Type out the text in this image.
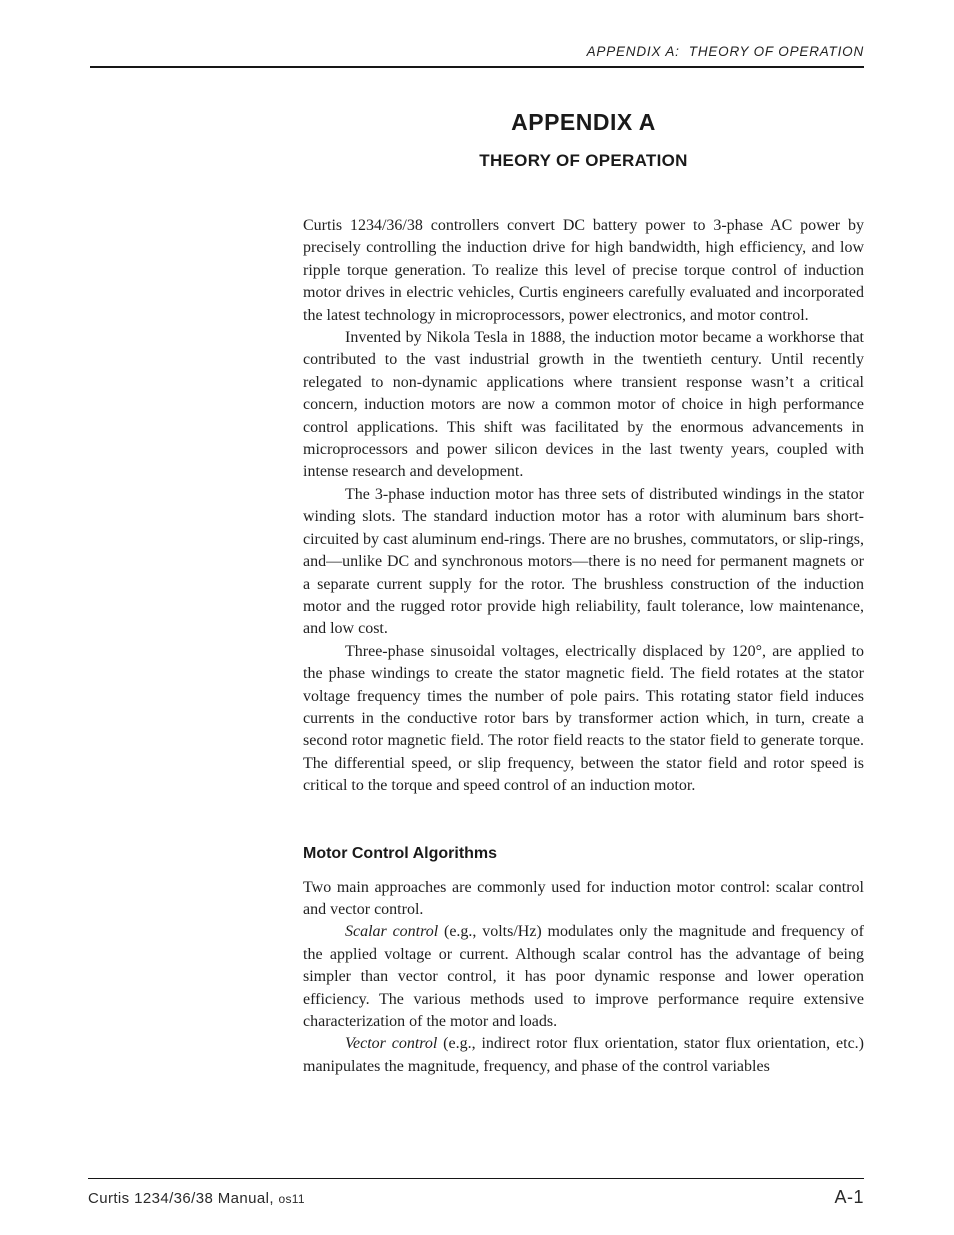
APPENDIX A:  THEORY OF OPERATION
APPENDIX A
THEORY OF OPERATION

Curtis 1234/36/38 controllers convert DC battery power to 3-phase AC power by precisely controlling the induction drive for high bandwidth, high efficiency, and low ripple torque generation. To realize this level of precise torque control of induction motor drives in electric vehicles, Curtis engineers carefully evaluated and incorporated the latest technology in microprocessors, power electronics, and motor control.

Invented by Nikola Tesla in 1888, the induction motor became a workhorse that contributed to the vast industrial growth in the twentieth century. Until recently relegated to non-dynamic applications where transient response wasn’t a critical concern, induction motors are now a common motor of choice in high performance control applications. This shift was facilitated by the enormous advancements in microprocessors and power silicon devices in the last twenty years, coupled with intense research and development.

The 3-phase induction motor has three sets of distributed windings in the stator winding slots. The standard induction motor has a rotor with aluminum bars short-circuited by cast aluminum end-rings. There are no brushes, commutators, or slip-rings, and—unlike DC and synchronous motors—there is no need for permanent magnets or a separate current supply for the rotor. The brushless construction of the induction motor and the rugged rotor provide high reliability, fault tolerance, low maintenance, and low cost.

Three-phase sinusoidal voltages, electrically displaced by 120°, are applied to the phase windings to create the stator magnetic field. The field rotates at the stator voltage frequency times the number of pole pairs. This rotating stator field induces currents in the conductive rotor bars by transformer action which, in turn, create a second rotor magnetic field. The rotor field reacts to the stator field to generate torque. The differential speed, or slip frequency, between the stator field and rotor speed is critical to the torque and speed control of an induction motor.

Motor Control Algorithms

Two main approaches are commonly used for induction motor control: scalar control and vector control.

Scalar control (e.g., volts/Hz) modulates only the magnitude and frequency of the applied voltage or current. Although scalar control has the advantage of being simpler than vector control, it has poor dynamic response and lower operation efficiency. The various methods used to improve performance require extensive characterization of the motor and loads.

Vector control (e.g., indirect rotor flux orientation, stator flux orientation, etc.) manipulates the magnitude, frequency, and phase of the control variables

Curtis 1234/36/38 Manual, os11	A-1
